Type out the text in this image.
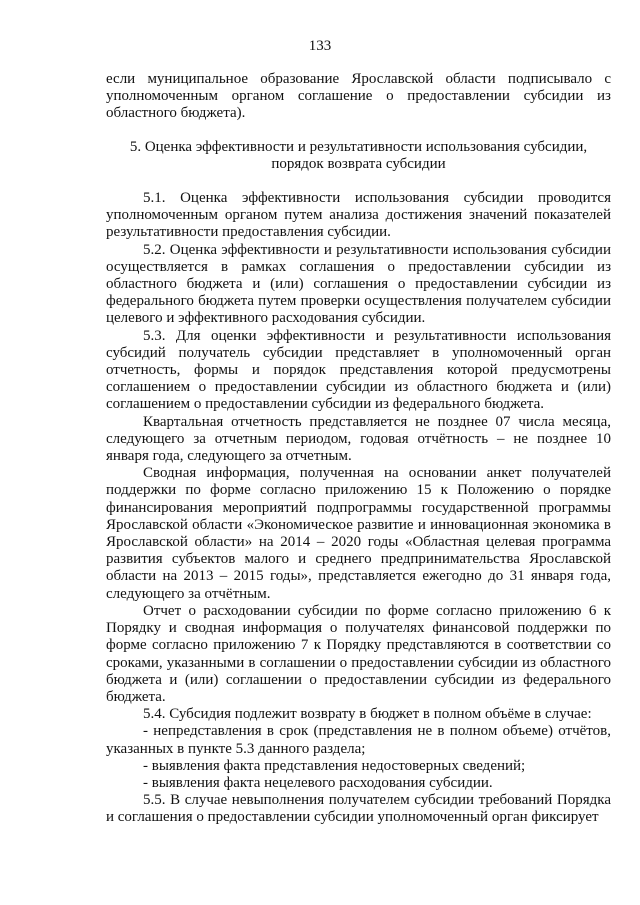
133

если муниципальное образование Ярославской области подписывало с уполномоченным органом соглашение о предоставлении субсидии из областного бюджета).

5. Оценка эффективности и результативности использования субсидии,
порядок возврата субсидии

5.1. Оценка эффективности использования субсидии проводится уполномоченным органом путем анализа достижения значений показателей результативности предоставления субсидии.

5.2. Оценка эффективности и результативности использования субсидии осуществляется в рамках соглашения о предоставлении субсидии из областного бюджета и (или) соглашения о предоставлении субсидии из федерального бюджета путем проверки осуществления получателем субсидии целевого и эффективного расходования субсидии.

5.3. Для оценки эффективности и результативности использования субсидий получатель субсидии представляет в уполномоченный орган отчетность, формы и порядок представления которой предусмотрены соглашением о предоставлении субсидии из областного бюджета и (или) соглашением о предоставлении субсидии из федерального бюджета.

Квартальная отчетность представляется не позднее 07 числа месяца, следующего за отчетным периодом, годовая отчётность – не позднее 10 января года, следующего за отчетным.

Сводная информация, полученная на основании анкет получателей поддержки по форме согласно приложению 15 к Положению о порядке финансирования мероприятий подпрограммы государственной программы Ярославской области «Экономическое развитие и инновационная экономика в Ярославской области» на 2014 – 2020 годы «Областная целевая программа развития субъектов малого и среднего предпринимательства Ярославской области на 2013 – 2015 годы», представляется ежегодно до 31 января года, следующего за отчётным.

Отчет о расходовании субсидии по форме согласно приложению 6 к Порядку и сводная информация о получателях финансовой поддержки по форме согласно приложению 7 к Порядку представляются в соответствии со сроками, указанными в соглашении о предоставлении субсидии из областного бюджета и (или) соглашении о предоставлении субсидии из федерального бюджета.

5.4. Субсидия подлежит возврату в бюджет в полном объёме в случае:

- непредставления в срок (представления не в полном объеме) отчётов, указанных в пункте 5.3 данного раздела;

- выявления факта представления недостоверных сведений;

- выявления факта нецелевого расходования субсидии.

5.5. В случае невыполнения получателем субсидии требований Порядка и соглашения о предоставлении субсидии уполномоченный орган фиксирует
